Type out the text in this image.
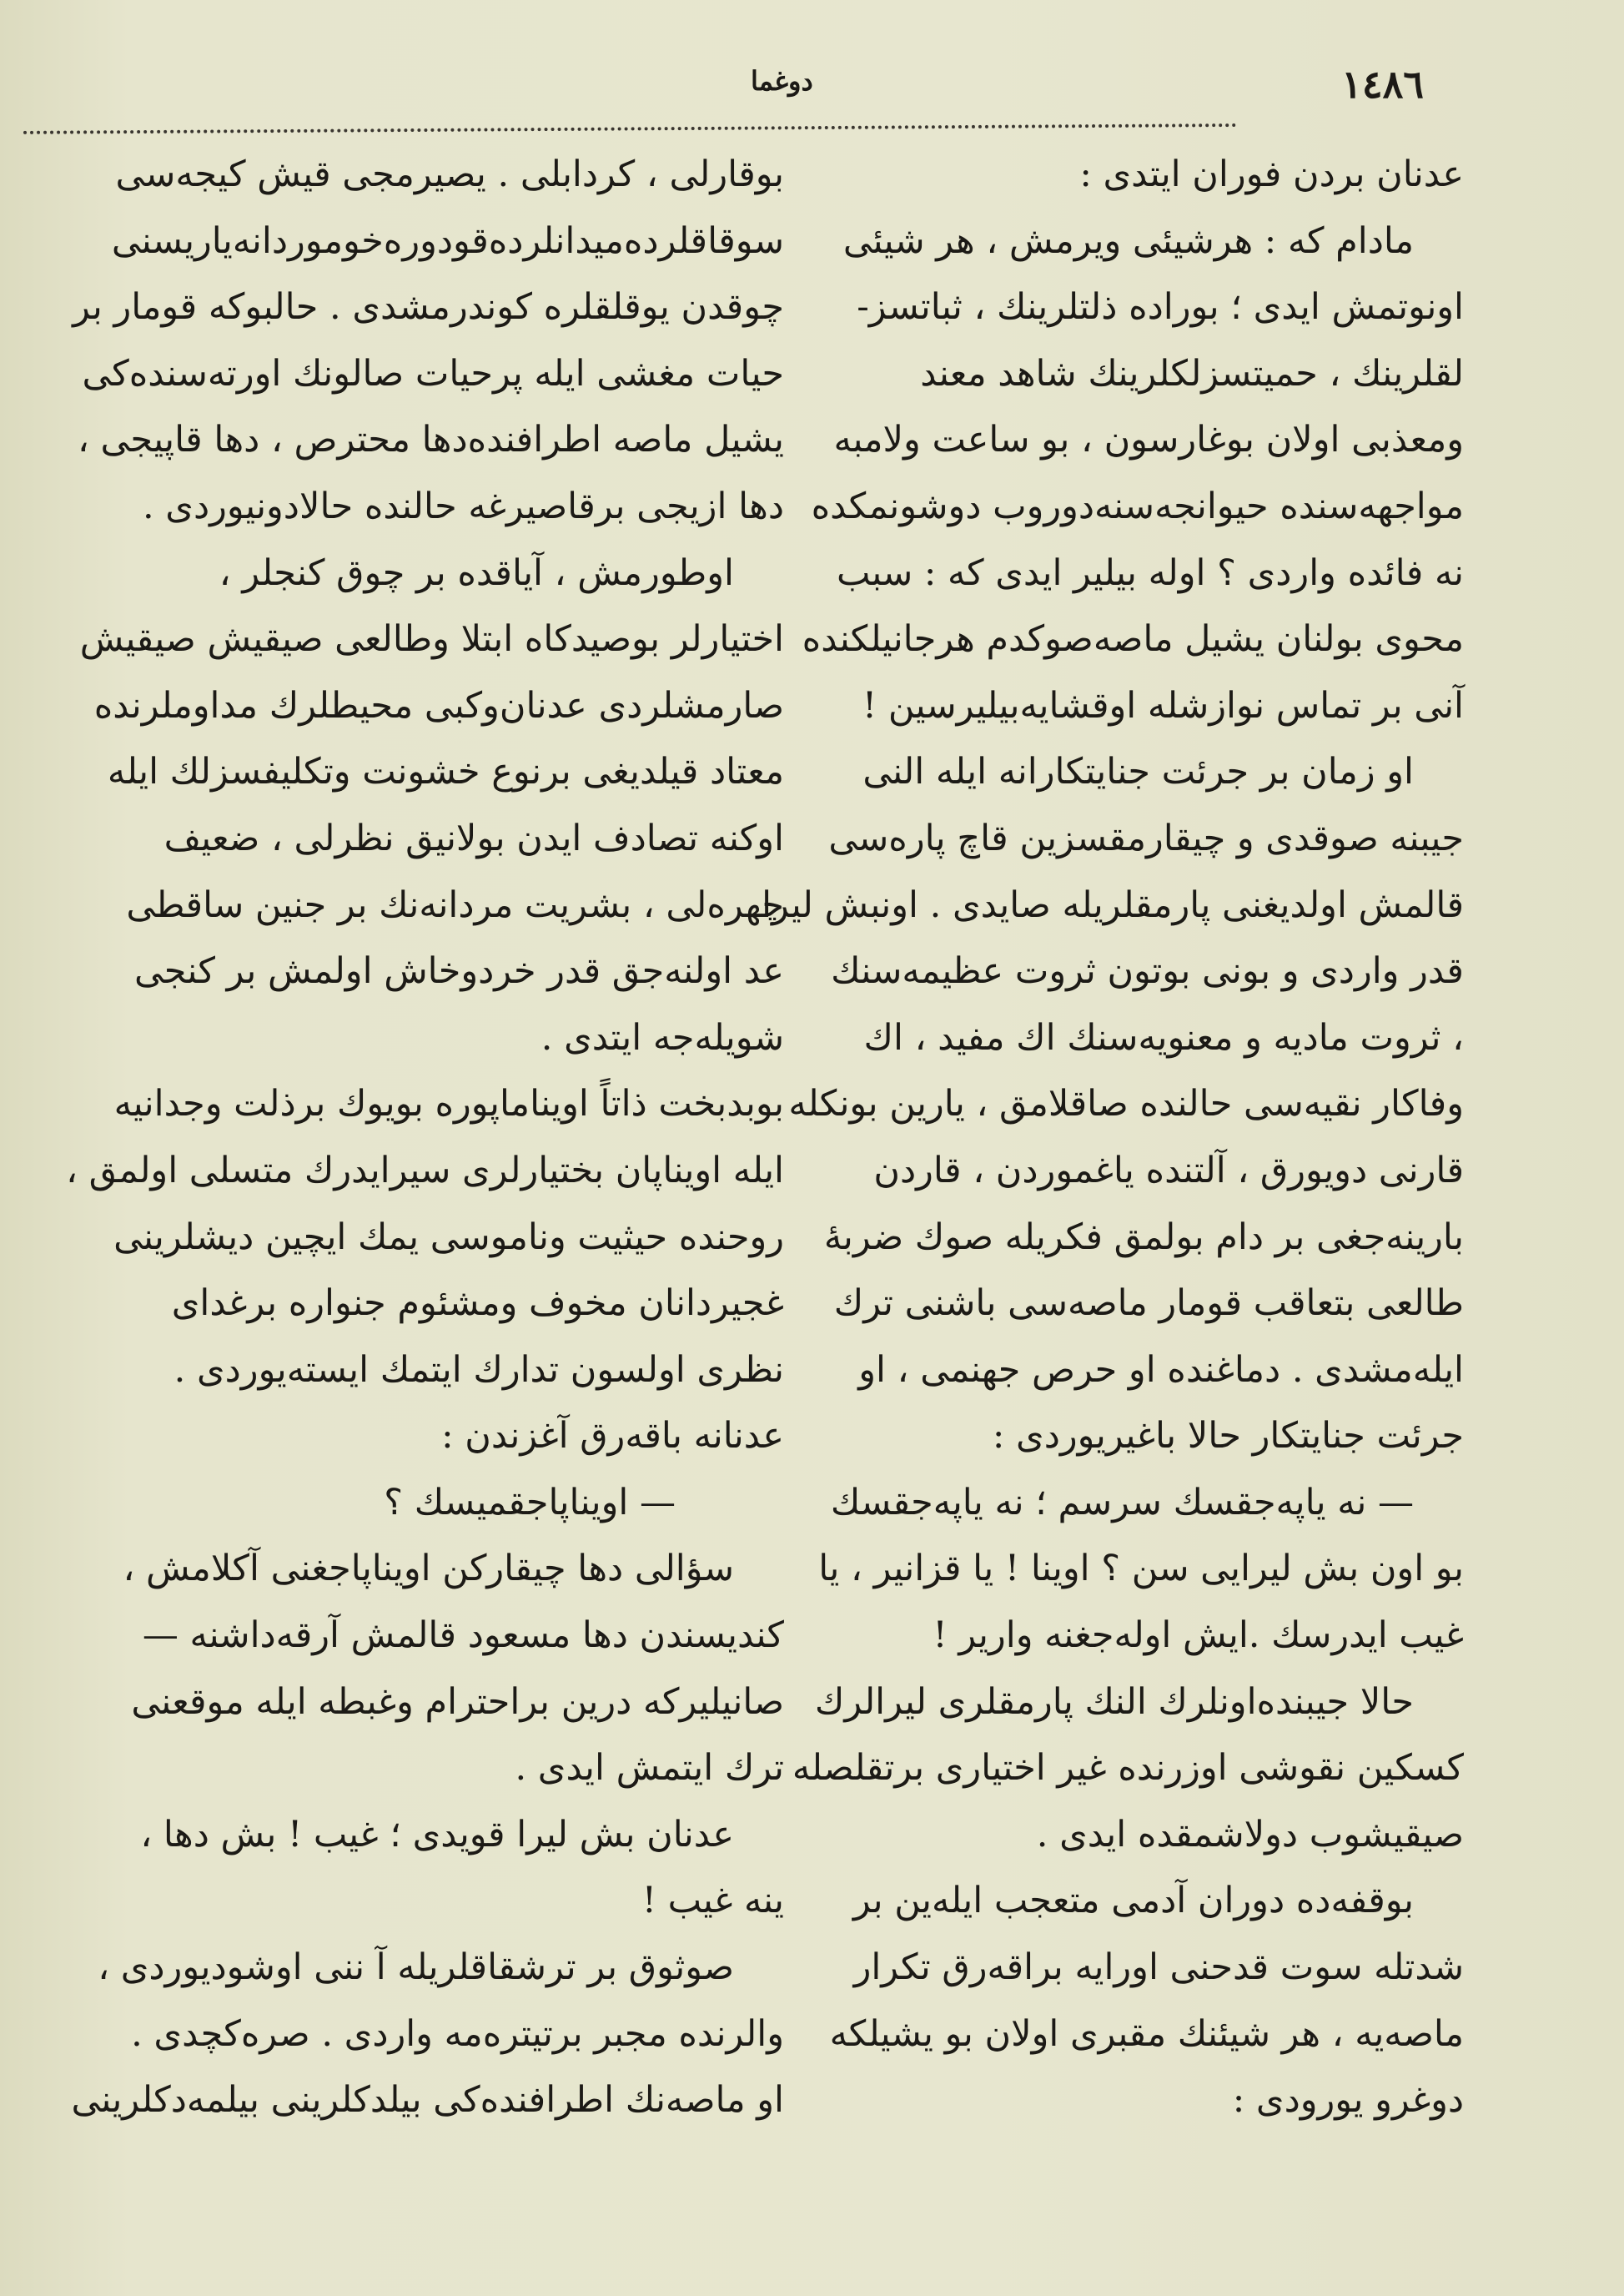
١٤٨٦
دوغما
عدنان بردن فوران ایتدی :
مادام كه : هرشیئی ویرمش ، هر شیئی
اونوتمش ایدی ؛ بوراده ذلتلرینك ، ثباتسز-
لقلرینك ، حمیتسزلكلرینك شاهد معند
ومعذبی اولان بوغارسون ، بو ساعت ولامبه
مواجهه‌سنده حیوانجه‌سنه‌دوروب دوشونمكده
نه فائده واردی ؟ اوله بیلیر ایدی كه : سبب
محوی بولنان یشیل ماصه‌صوكدم هرجانیلكنده
آنی بر تماس نوازشله اوقشایه‌بیلیرسین !
او زمان بر جرئت جنایتكارانه ایله النی
جیبنه صوقدی و چیقارمقسزین قاچ پاره‌سی
قالمش اولدیغنی پارمقلریله صایدی . اونبش لیرا
قدر واردی و بونی بوتون ثروت عظیمه‌سنك
، ثروت مادیه و معنویه‌سنك اك مفید ، اك
وفاكار نقیه‌سی حالنده صاقلامق ، یارین بونكله
قارنی دویورق ، آلتنده یاغموردن ، قاردن
بارینه‌جغی بر دام بولمق فكریله صوك ضربهٔ
طالعی بتعاقب قومار ماصه‌سی باشنی ترك
ایله‌مشدی . دماغنده او حرص جهنمی ، او
جرئت جنایتكار حالا باغیریوردی :
— نه یاپه‌جقسك سرسم ؛ نه یاپه‌جقسك
بو اون بش لیرایی سن ؟ اوینا ! یا قزانیر ، یا
غیب ایدرسك .ایش اوله‌جغنه واریر !
حالا جیبنده‌اونلرك النك پارمقلری لیرالرك
كسكین نقوشی اوزرنده غیر اختیاری برتقلصله
صیقیشوب دولاشمقده ایدی .
بوقفه‌ده دوران آدمی متعجب ایله‌ین بر
شدتله سوت قدحنی اورایه براقه‌رق تكرار
ماصه‌یه ، هر شیئنك مقبری اولان بو یشیلكه
دوغرو یورودی :
بوقارلی ، كردابلی . یصیرمجی قیش كیجه‌سی
سوقاقلرده‌میدانلرده‌قودوره‌خوموردانه‌یاریسنی
چوقدن یوقلقلره كوندرمشدی . حالبوكه قومار بر
حیات مغشی ایله پرحیات صالونك اورته‌سنده‌كی
یشیل ماصه اطرافنده‌دها محترص ، دها قاپیجی ،
دها ازیجی برقاصیرغه حالنده حالادونیوردی .
اوطورمش ، آیاقده بر چوق كنجلر ،
اختیارلر بوصیدكاه ابتلا وطالعی صیقیش صیقیش
صارمشلردی عدنان‌وكبی محیطلرك مداوملرنده
معتاد قیلدیغی برنوع خشونت وتكلیفسزلك ایله
اوكنه تصادف ایدن بولانیق نظرلی ، ضعیف
چهره‌لی ، بشریت مردانه‌نك بر جنین ساقطی
عد اولنه‌جق قدر خردوخاش اولمش بر كنجی
شویله‌جه ایتدی .
بوبدبخت ذاتاً اویناماپوره بویوك برذلت وجدانیه
ایله اویناپان بختیارلری سیرایدرك متسلی اولمق ،
روحنده حیثیت وناموسی یمك ایچین دیشلرینی
غجیردانان مخوف ومشئوم جنواره برغدای
نظری اولسون تدارك ایتمك ایسته‌یوردی .
عدنانه باقه‌رق آغزندن :
— اویناپاجقمیسك ؟
سؤالی دها چیقاركن اویناپاجغنی آكلامش ،
كندیسندن دها مسعود قالمش آرقه‌داشنه —
صانیلیركه درین براحترام وغبطه ایله موقعنی
ترك ایتمش ایدی .
عدنان بش لیرا قویدی ؛ غیب ! بش دها ،
ینه غیب !
صوثوق بر ترشقاقلریله آ ننی اوشودیوردی ،
والرنده مجبر برتیتره‌مه واردی . صره‌كچدی .
او ماصه‌نك اطرافنده‌كی بیلدكلرینی بیلمه‌دكلرینی
